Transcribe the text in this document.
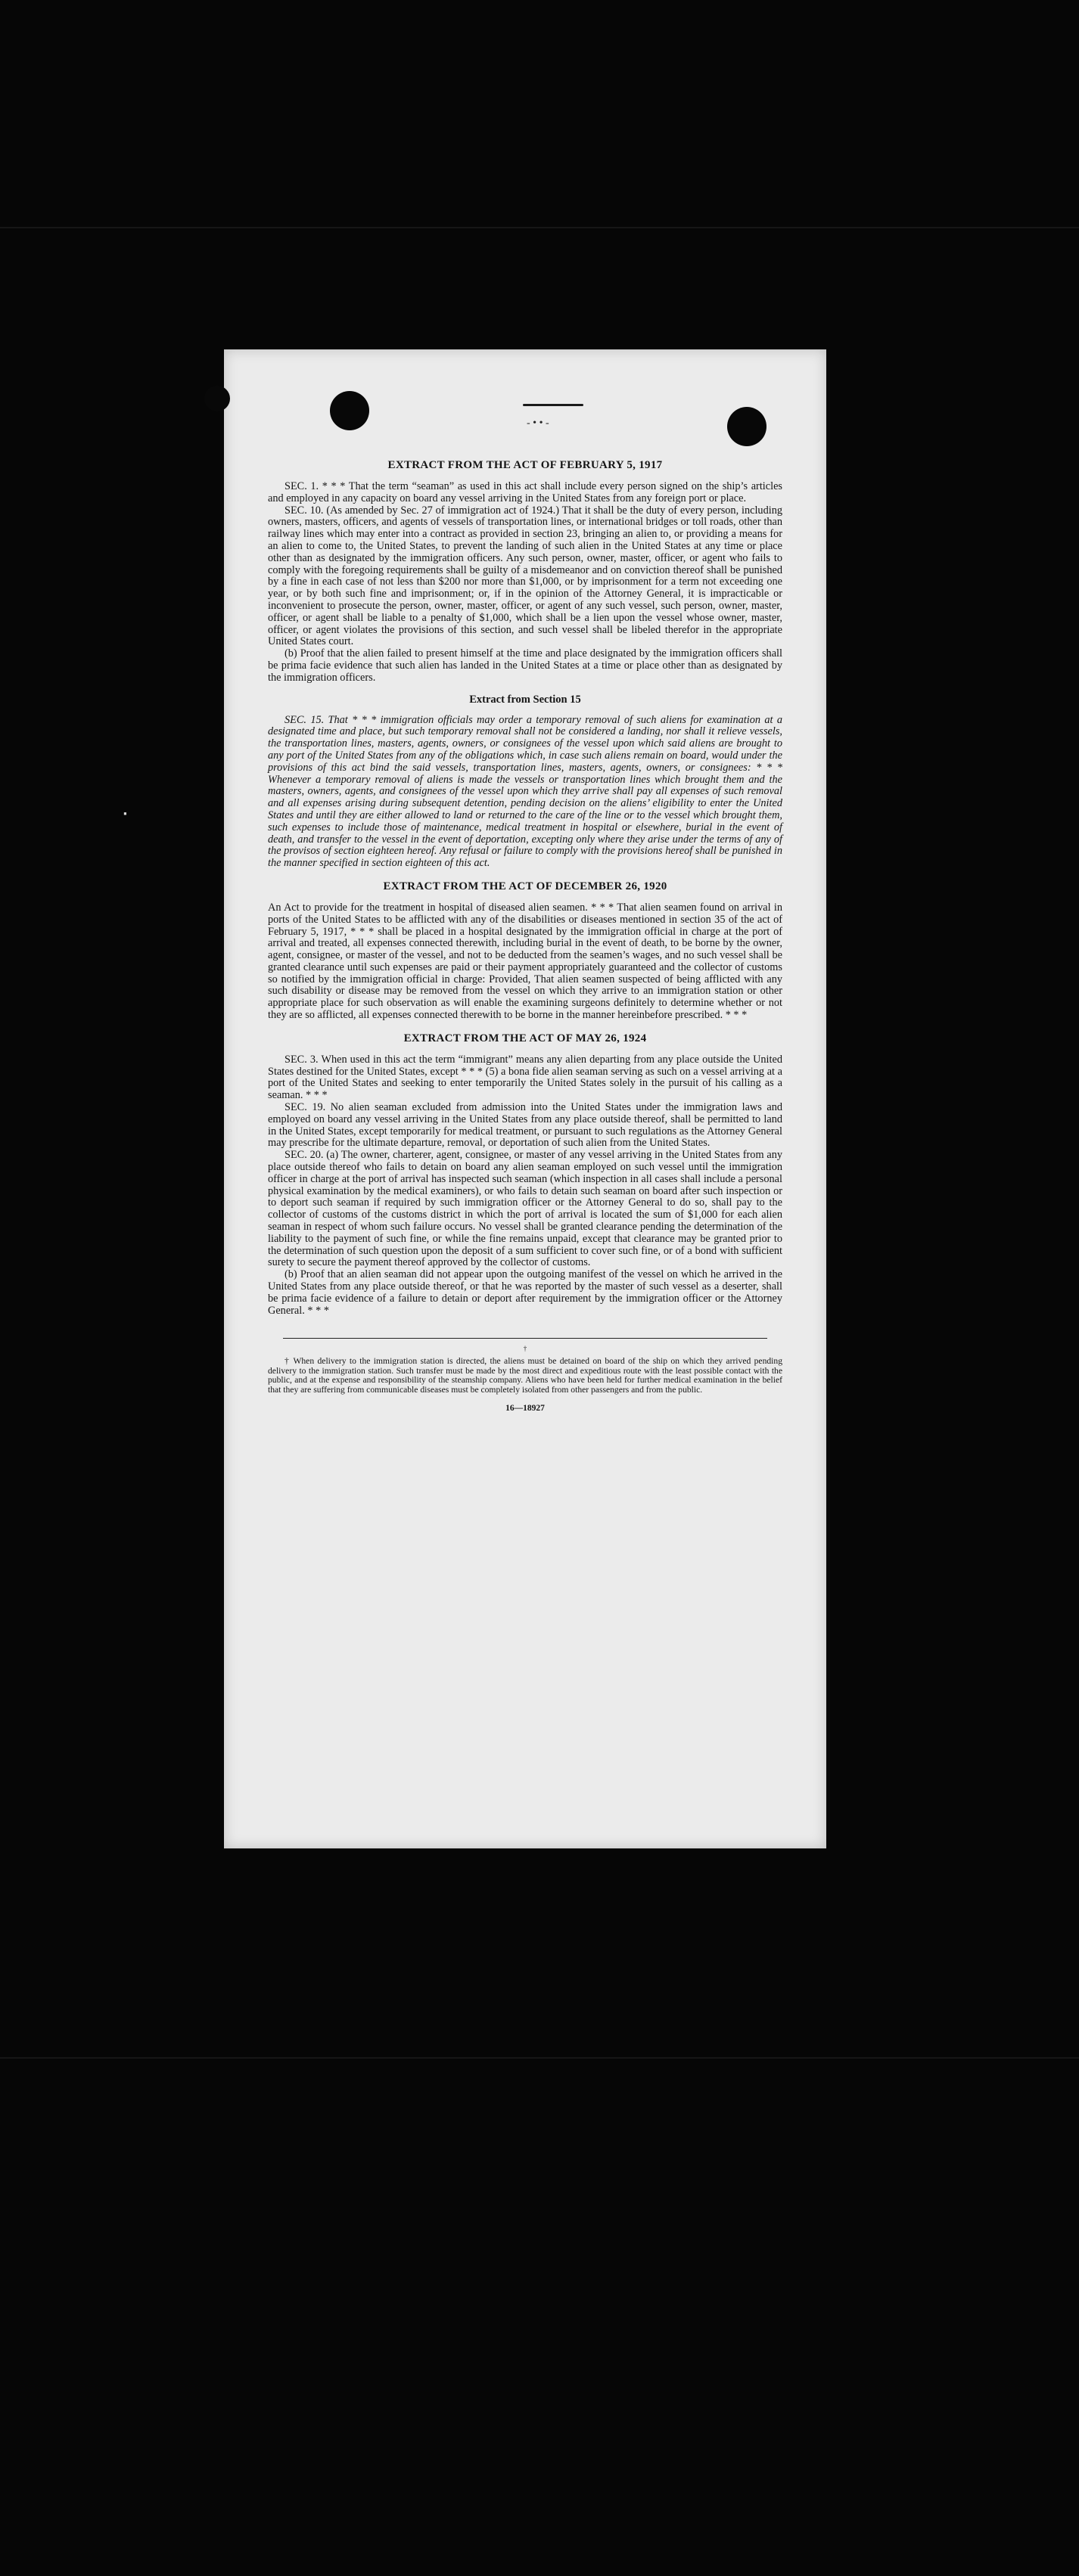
·
- • • -
EXTRACT FROM THE ACT OF FEBRUARY 5, 1917

SEC. 1. * * * That the term “seaman” as used in this act shall include every person signed on the ship’s articles and employed in any capacity on board any vessel arriving in the United States from any foreign port or place.

SEC. 10. (As amended by Sec. 27 of immigration act of 1924.) That it shall be the duty of every person, including owners, masters, officers, and agents of vessels of transportation lines, or international bridges or toll roads, other than railway lines which may enter into a contract as provided in section 23, bringing an alien to, or providing a means for an alien to come to, the United States, to prevent the landing of such alien in the United States at any time or place other than as designated by the immigration officers. Any such person, owner, master, officer, or agent who fails to comply with the foregoing requirements shall be guilty of a misdemeanor and on conviction thereof shall be punished by a fine in each case of not less than $200 nor more than $1,000, or by imprisonment for a term not exceeding one year, or by both such fine and imprisonment; or, if in the opinion of the Attorney General, it is impracticable or inconvenient to prosecute the person, owner, master, officer, or agent of any such vessel, such person, owner, master, officer, or agent shall be liable to a penalty of $1,000, which shall be a lien upon the vessel whose owner, master, officer, or agent violates the provisions of this section, and such vessel shall be libeled therefor in the appropriate United States court.

(b) Proof that the alien failed to present himself at the time and place designated by the immigration officers shall be prima facie evidence that such alien has landed in the United States at a time or place other than as designated by the immigration officers.

Extract from Section 15

SEC. 15. That * * * immigration officials may order a temporary removal of such aliens for examination at a designated time and place, but such temporary removal shall not be considered a landing, nor shall it relieve vessels, the transportation lines, masters, agents, owners, or consignees of the vessel upon which said aliens are brought to any port of the United States from any of the obligations which, in case such aliens remain on board, would under the provisions of this act bind the said vessels, transportation lines, masters, agents, owners, or consignees: * * * Whenever a temporary removal of aliens is made the vessels or transportation lines which brought them and the masters, owners, agents, and consignees of the vessel upon which they arrive shall pay all expenses of such removal and all expenses arising during subsequent detention, pending decision on the aliens’ eligibility to enter the United States and until they are either allowed to land or returned to the care of the line or to the vessel which brought them, such expenses to include those of maintenance, medical treatment in hospital or elsewhere, burial in the event of death, and transfer to the vessel in the event of deportation, excepting only where they arise under the terms of any of the provisos of section eighteen hereof. Any refusal or failure to comply with the provisions hereof shall be punished in the manner specified in section eighteen of this act.

EXTRACT FROM THE ACT OF DECEMBER 26, 1920

An Act to provide for the treatment in hospital of diseased alien seamen. * * * That alien seamen found on arrival in ports of the United States to be afflicted with any of the disabilities or diseases mentioned in section 35 of the act of February 5, 1917, * * * shall be placed in a hospital designated by the immigration official in charge at the port of arrival and treated, all expenses connected therewith, including burial in the event of death, to be borne by the owner, agent, consignee, or master of the vessel, and not to be deducted from the seamen’s wages, and no such vessel shall be granted clearance until such expenses are paid or their payment appropriately guaranteed and the collector of customs so notified by the immigration official in charge: Provided, That alien seamen suspected of being afflicted with any such disability or disease may be removed from the vessel on which they arrive to an immigration station or other appropriate place for such observation as will enable the examining surgeons definitely to determine whether or not they are so afflicted, all expenses connected therewith to be borne in the manner hereinbefore prescribed. * * *

EXTRACT FROM THE ACT OF MAY 26, 1924

SEC. 3. When used in this act the term “immigrant” means any alien departing from any place outside the United States destined for the United States, except * * * (5) a bona fide alien seaman serving as such on a vessel arriving at a port of the United States and seeking to enter temporarily the United States solely in the pursuit of his calling as a seaman. * * *

SEC. 19. No alien seaman excluded from admission into the United States under the immigration laws and employed on board any vessel arriving in the United States from any place outside thereof, shall be permitted to land in the United States, except temporarily for medical treatment, or pursuant to such regulations as the Attorney General may prescribe for the ultimate departure, removal, or deportation of such alien from the United States.

SEC. 20. (a) The owner, charterer, agent, consignee, or master of any vessel arriving in the United States from any place outside thereof who fails to detain on board any alien seaman employed on such vessel until the immigration officer in charge at the port of arrival has inspected such seaman (which inspection in all cases shall include a personal physical examination by the medical examiners), or who fails to detain such seaman on board after such inspection or to deport such seaman if required by such immigration officer or the Attorney General to do so, shall pay to the collector of customs of the customs district in which the port of arrival is located the sum of $1,000 for each alien seaman in respect of whom such failure occurs. No vessel shall be granted clearance pending the determination of the liability to the payment of such fine, or while the fine remains unpaid, except that clearance may be granted prior to the determination of such question upon the deposit of a sum sufficient to cover such fine, or of a bond with sufficient surety to secure the payment thereof approved by the collector of customs.

(b) Proof that an alien seaman did not appear upon the outgoing manifest of the vessel on which he arrived in the United States from any place outside thereof, or that he was reported by the master of such vessel as a deserter, shall be prima facie evidence of a failure to detain or deport after requirement by the immigration officer or the Attorney General. * * *

†

† When delivery to the immigration station is directed, the aliens must be detained on board of the ship on which they arrived pending delivery to the immigration station. Such transfer must be made by the most direct and expeditious route with the least possible contact with the public, and at the expense and responsibility of the steamship company. Aliens who have been held for further medical examination in the belief that they are suffering from communicable diseases must be completely isolated from other passengers and from the public.

16—18927
